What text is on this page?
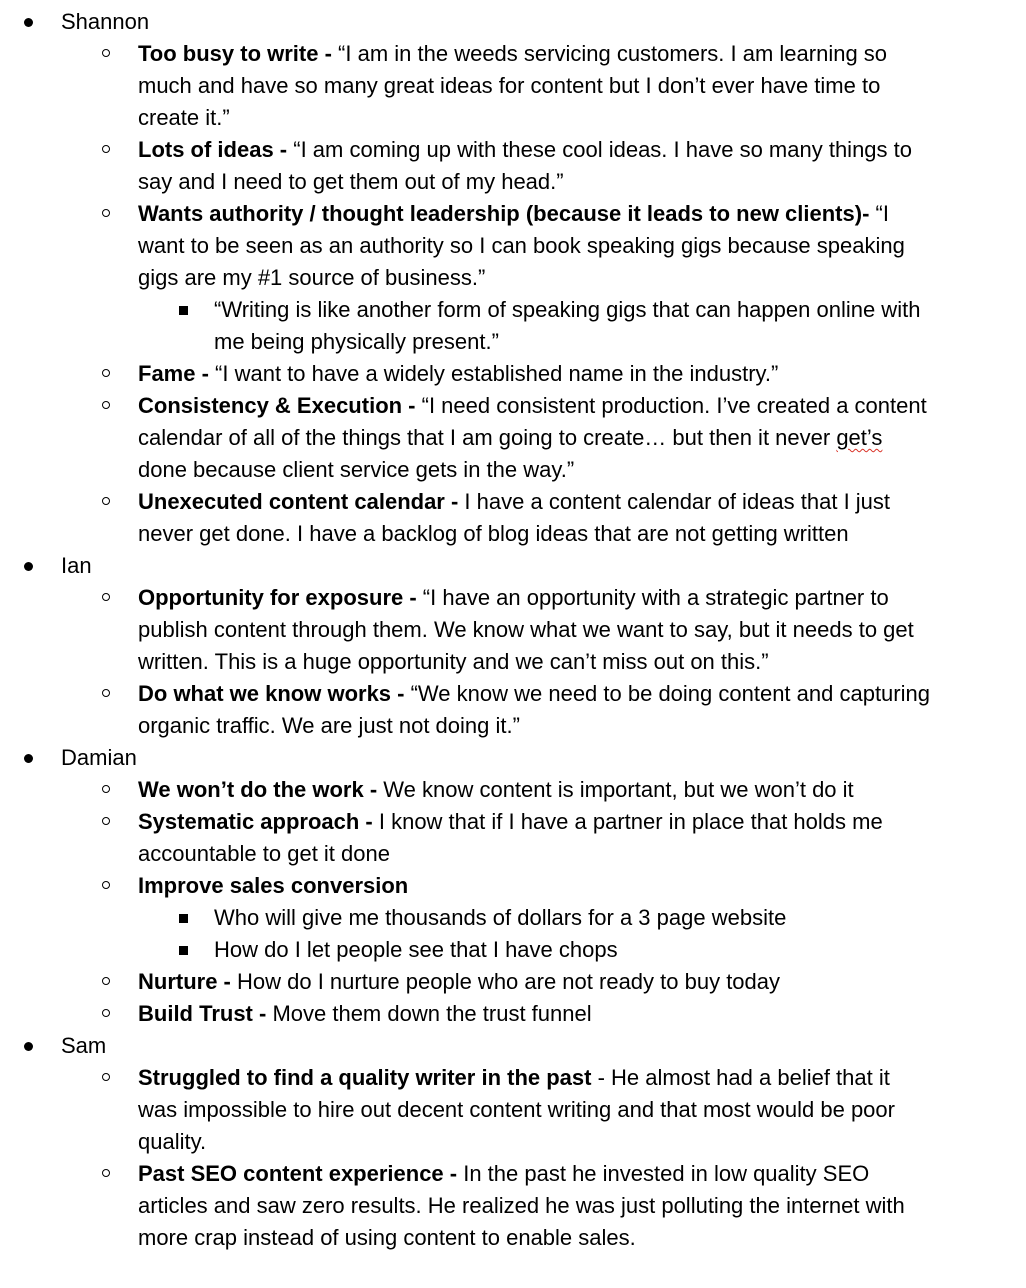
Shannon
Too busy to write - “I am in the weeds servicing customers. I am learning so
much and have so many great ideas for content but I don’t ever have time to
create it.”
Lots of ideas - “I am coming up with these cool ideas. I have so many things to
say and I need to get them out of my head.”
Wants authority / thought leadership (because it leads to new clients)- “I
want to be seen as an authority so I can book speaking gigs because speaking
gigs are my #1 source of business.”
“Writing is like another form of speaking gigs that can happen online with
me being physically present.”
Fame - “I want to have a widely established name in the industry.”
Consistency & Execution - “I need consistent production. I’ve created a content
calendar of all of the things that I am going to create… but then it never get’s
done because client service gets in the way.”
Unexecuted content calendar - I have a content calendar of ideas that I just
never get done. I have a backlog of blog ideas that are not getting written
Ian
Opportunity for exposure - “I have an opportunity with a strategic partner to
publish content through them. We know what we want to say, but it needs to get
written. This is a huge opportunity and we can’t miss out on this.”
Do what we know works - “We know we need to be doing content and capturing
organic traffic. We are just not doing it.”
Damian
We won’t do the work - We know content is important, but we won’t do it
Systematic approach - I know that if I have a partner in place that holds me
accountable to get it done
Improve sales conversion
Who will give me thousands of dollars for a 3 page website
How do I let people see that I have chops
Nurture - How do I nurture people who are not ready to buy today
Build Trust - Move them down the trust funnel
Sam
Struggled to find a quality writer in the past - He almost had a belief that it
was impossible to hire out decent content writing and that most would be poor
quality.
Past SEO content experience - In the past he invested in low quality SEO
articles and saw zero results. He realized he was just polluting the internet with
more crap instead of using content to enable sales.
